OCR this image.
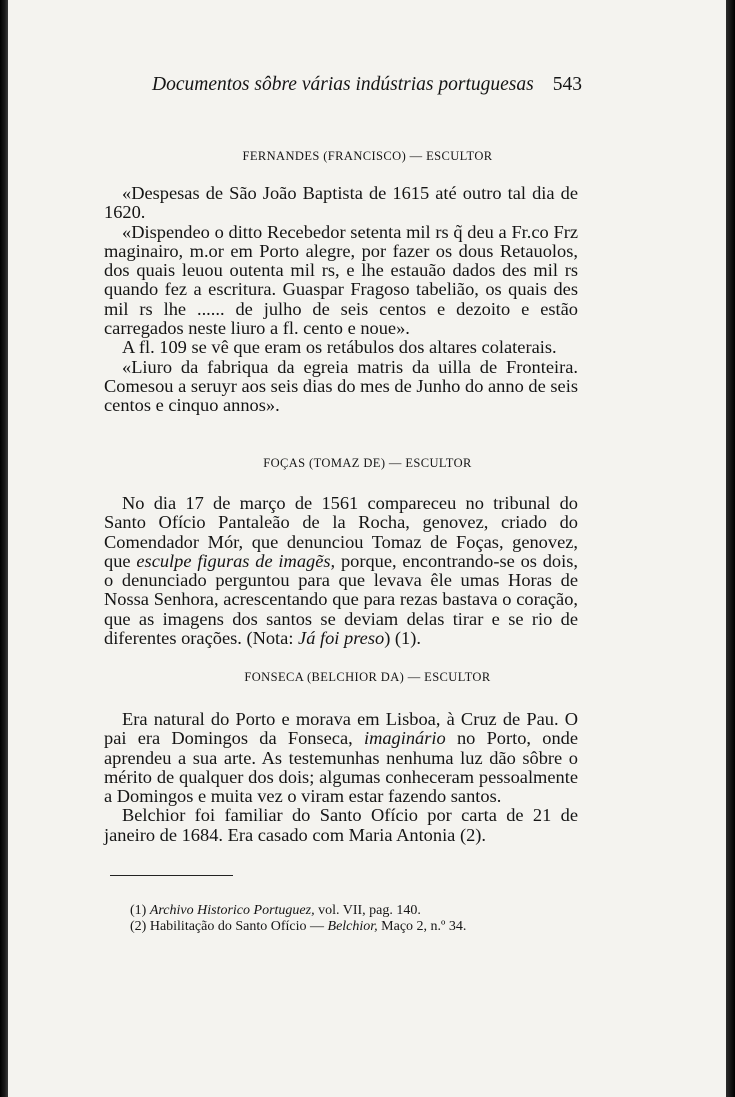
Documentos sôbre várias indústrias portuguesas 543
FERNANDES (FRANCISCO) — ESCULTOR

«Despesas de São João Baptista de 1615 até outro tal dia de 1620.

«Dispendeo o ditto Recebedor setenta mil rs q̃ deu a Fr.co Frz maginairo, m.or em Porto alegre, por fazer os dous Retauolos, dos quais leuou outenta mil rs, e lhe estauão dados des mil rs quando fez a escritura. Guaspar Fragoso tabelião, os quais des mil rs lhe ...... de julho de seis centos e dezoito e estão carregados neste liuro a fl. cento e noue».

A fl. 109 se vê que eram os retábulos dos altares colaterais.

«Liuro da fabriqua da egreia matris da uilla de Fronteira. Comesou a seruyr aos seis dias do mes de Junho do anno de seis centos e cinquo annos».

FOÇAS (TOMAZ DE) — ESCULTOR

No dia 17 de março de 1561 compareceu no tribunal do Santo Ofício Pantaleão de la Rocha, genovez, criado do Comendador Mór, que denunciou Tomaz de Foças, genovez, que esculpe figuras de imagẽs, porque, encontrando-se os dois, o denunciado perguntou para que levava êle umas Horas de Nossa Senhora, acrescentando que para rezas bastava o coração, que as imagens dos santos se deviam delas tirar e se rio de diferentes orações. (Nota: Já foi preso) (1).

FONSECA (BELCHIOR DA) — ESCULTOR

Era natural do Porto e morava em Lisboa, à Cruz de Pau. O pai era Domingos da Fonseca, imaginário no Porto, onde aprendeu a sua arte. As testemunhas nenhuma luz dão sôbre o mérito de qualquer dos dois; algumas conheceram pessoalmente a Domingos e muita vez o viram estar fazendo santos.

Belchior foi familiar do Santo Ofício por carta de 21 de janeiro de 1684. Era casado com Maria Antonia (2).

(1) Archivo Historico Portuguez, vol. VII, pag. 140.

(2) Habilitação do Santo Ofício — Belchior, Maço 2, n.º 34.
